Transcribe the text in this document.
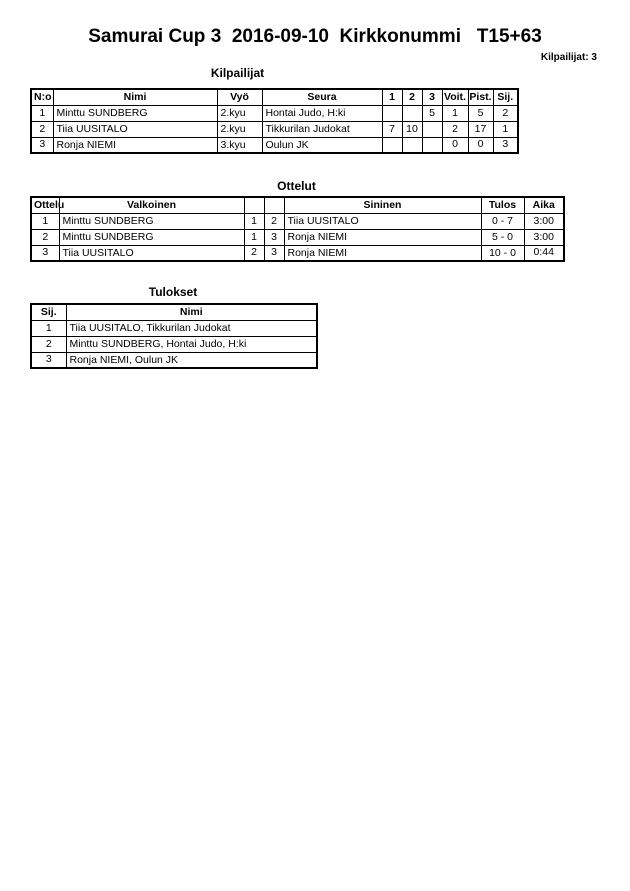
Samurai Cup 3  2016-09-10  Kirkkonummi   T15+63
Kilpailijat: 3
Kilpailijat
N:o	Nimi	Vyö	Seura	1	2	3	Voit.	Pist.	Sij.
1	Minttu SUNDBERG	2.kyu	Hontai Judo, H:ki			5	1	5	2
2	Tiia UUSITALO	2.kyu	Tikkurilan Judokat	7	10		2	17	1
3	Ronja NIEMI	3.kyu	Oulun JK				0	0	3
Ottelut
Ottelu	Valkoinen			Sininen	Tulos	Aika
1	Minttu SUNDBERG	1	2	Tiia UUSITALO	0 - 7	3:00
2	Minttu SUNDBERG	1	3	Ronja NIEMI	5 - 0	3:00
3	Tiia UUSITALO	2	3	Ronja NIEMI	10 - 0	0:44
Tulokset
Sij.	Nimi
1	Tiia UUSITALO, Tikkurilan Judokat
2	Minttu SUNDBERG, Hontai Judo, H:ki
3	Ronja NIEMI, Oulun JK
